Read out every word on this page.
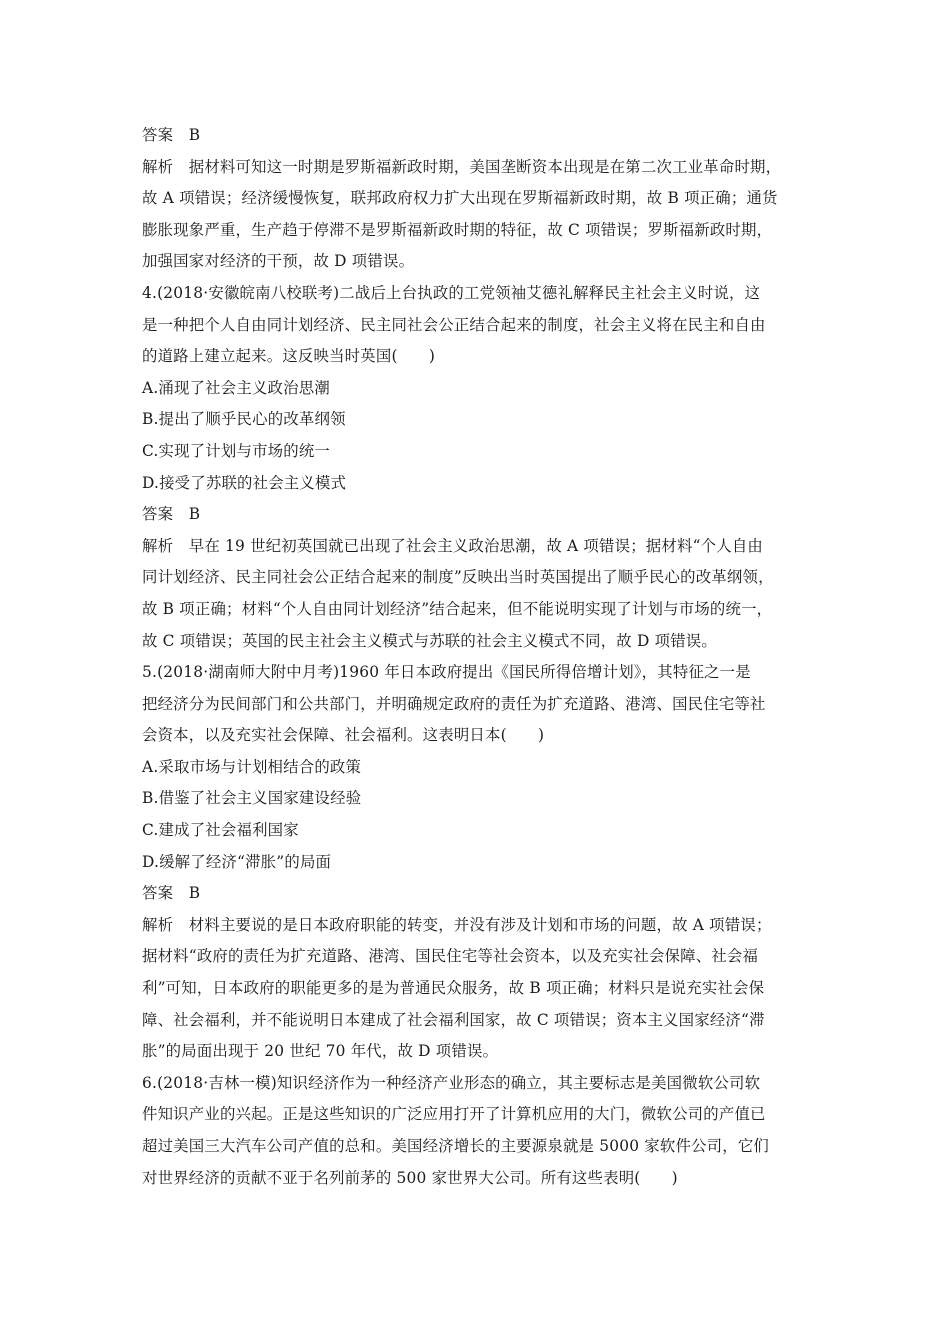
答案　B
解析　据材料可知这一时期是罗斯福新政时期，美国垄断资本出现是在第二次工业革命时期，
故 A 项错误；经济缓慢恢复，联邦政府权力扩大出现在罗斯福新政时期，故 B 项正确；通货
膨胀现象严重，生产趋于停滞不是罗斯福新政时期的特征，故 C 项错误；罗斯福新政时期，
加强国家对经济的干预，故 D 项错误。
4.(2018·安徽皖南八校联考)二战后上台执政的工党领袖艾德礼解释民主社会主义时说，这
是一种把个人自由同计划经济、民主同社会公正结合起来的制度，社会主义将在民主和自由
的道路上建立起来。这反映当时英国(　　)
A.涌现了社会主义政治思潮
B.提出了顺乎民心的改革纲领
C.实现了计划与市场的统一
D.接受了苏联的社会主义模式
答案　B
解析　早在 19 世纪初英国就已出现了社会主义政治思潮，故 A 项错误；据材料“个人自由
同计划经济、民主同社会公正结合起来的制度”反映出当时英国提出了顺乎民心的改革纲领，
故 B 项正确；材料“个人自由同计划经济”结合起来，但不能说明实现了计划与市场的统一，
故 C 项错误；英国的民主社会主义模式与苏联的社会主义模式不同，故 D 项错误。
5.(2018·湖南师大附中月考)1960 年日本政府提出《国民所得倍增计划》，其特征之一是
把经济分为民间部门和公共部门，并明确规定政府的责任为扩充道路、港湾、国民住宅等社
会资本，以及充实社会保障、社会福利。这表明日本(　　)
A.采取市场与计划相结合的政策
B.借鉴了社会主义国家建设经验
C.建成了社会福利国家
D.缓解了经济“滞胀”的局面
答案　B
解析　材料主要说的是日本政府职能的转变，并没有涉及计划和市场的问题，故 A 项错误；
据材料“政府的责任为扩充道路、港湾、国民住宅等社会资本，以及充实社会保障、社会福
利”可知，日本政府的职能更多的是为普通民众服务，故 B 项正确；材料只是说充实社会保
障、社会福利，并不能说明日本建成了社会福利国家，故 C 项错误；资本主义国家经济“滞
胀”的局面出现于 20 世纪 70 年代，故 D 项错误。
6.(2018·吉林一模)知识经济作为一种经济产业形态的确立，其主要标志是美国微软公司软
件知识产业的兴起。正是这些知识的广泛应用打开了计算机应用的大门，微软公司的产值已
超过美国三大汽车公司产值的总和。美国经济增长的主要源泉就是 5000 家软件公司，它们
对世界经济的贡献不亚于名列前茅的 500 家世界大公司。所有这些表明(　　)
